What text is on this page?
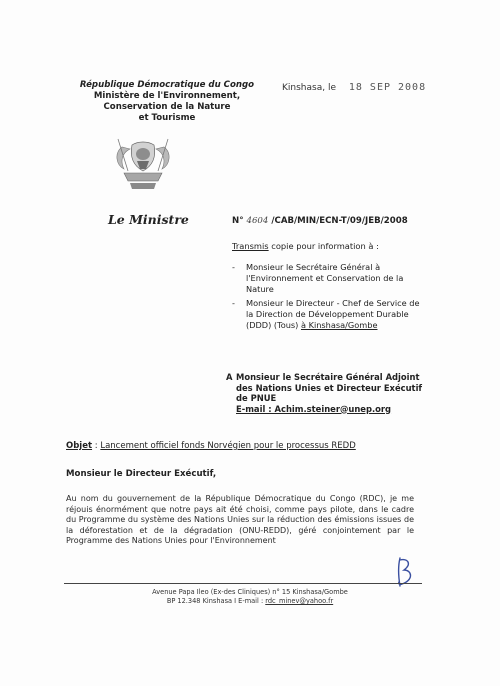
République Démocratique du Congo
Ministère de l'Environnement,
Conservation de la Nature
et Tourisme
Kinshasa, le 18 SEP 2008
Le Ministre	N° 4604 /CAB/MIN/ECN-T/09/JEB/2008
Transmis copie pour information à :
- Monsieur le Secrétaire Général à l'Environnement et Conservation de la Nature
- Monsieur le Directeur - Chef de Service de la Direction de Développement Durable (DDD) (Tous) à Kinshasa/Gombe
A Monsieur le Secrétaire Général Adjoint des Nations Unies et Directeur Exécutif de PNUE
E-mail : Achim.steiner@unep.org
Objet : Lancement officiel fonds Norvégien pour le processus REDD
Monsieur le Directeur Exécutif,
Au nom du gouvernement de la République Démocratique du Congo (RDC), je me réjouis énormément que notre pays ait été choisi, comme pays pilote, dans le cadre du Programme du système des Nations Unies sur la réduction des émissions issues de la déforestation et de la dégradation (ONU-REDD), géré conjointement par le Programme des Nations Unies pour l'Environnement
Avenue Papa Ileo (Ex-des Cliniques) n° 15 Kinshasa/Gombe
BP 12.348 Kinshasa I E-mail : rdc_minev@yahoo.fr
